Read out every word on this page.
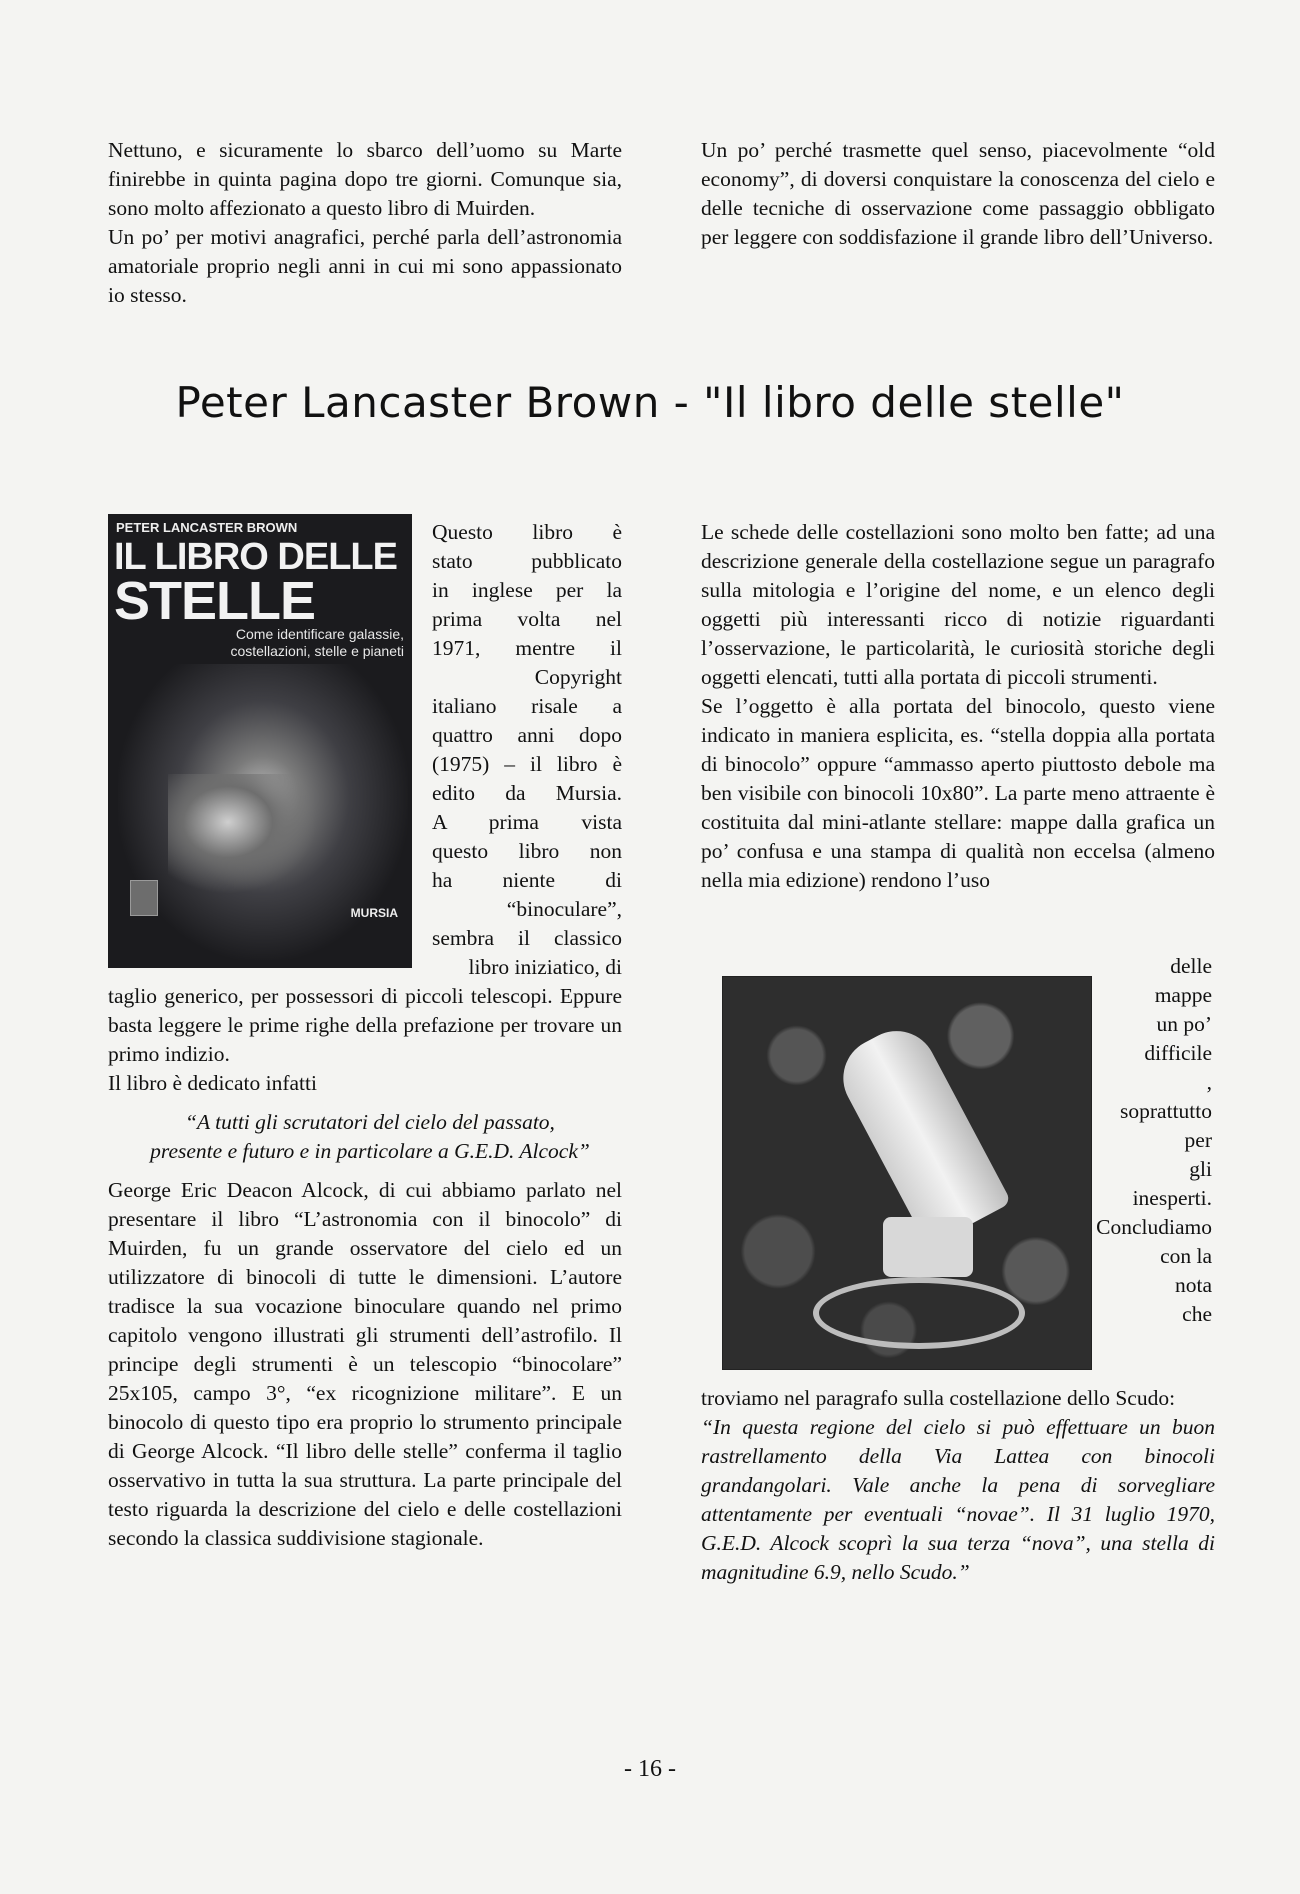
Nettuno, e sicuramente lo sbarco dell’uomo su Marte finirebbe in quinta pagina dopo tre giorni. Comunque sia, sono molto affezionato a questo libro di Muirden.

Un po’ per motivi anagrafici, perché parla dell’astronomia amatoriale proprio negli anni in cui mi sono appassionato io stesso.

Un po’ perché trasmette quel senso, piacevolmente “old economy”, di doversi conquistare la conoscenza del cielo e delle tecniche di osservazione come passaggio obbligato per leggere con soddisfazione il grande libro dell’Universo.

Peter Lancaster Brown - "Il libro delle stelle"
PETER LANCASTER BROWN
IL LIBRO DELLE
STELLE
Come identificare galassie,
costellazioni, stelle e pianeti
MURSIA
Questo libro è
stato pubblicato
in inglese per la
prima volta nel
1971, mentre il
Copyright
italiano risale a
quattro anni dopo
(1975) – il libro è
edito da Mursia.
A prima vista
questo libro non
ha niente di
“binoculare”,
sembra il classico
libro iniziatico, di

taglio generico, per possessori di piccoli telescopi. Eppure basta leggere le prime righe della prefazione per trovare un primo indizio.

Il libro è dedicato infatti

“A tutti gli scrutatori del cielo del passato, presente e futuro e in particolare a G.E.D. Alcock”

George Eric Deacon Alcock, di cui abbiamo parlato nel presentare il libro “L’astronomia con il binocolo” di Muirden, fu un grande osservatore del cielo ed un utilizzatore di binocoli di tutte le dimensioni. L’autore tradisce la sua vocazione binoculare quando nel primo capitolo vengono illustrati gli strumenti dell’astrofilo. Il principe degli strumenti è un telescopio “binocolare” 25x105, campo 3°, “ex ricognizione militare”. E un binocolo di questo tipo era proprio lo strumento principale di George Alcock. “Il libro delle stelle” conferma il taglio osservativo in tutta la sua struttura. La parte principale del testo riguarda la descrizione del cielo e delle costellazioni secondo la classica suddivisione stagionale.

Le schede delle costellazioni sono molto ben fatte; ad una descrizione generale della costellazione segue un paragrafo sulla mitologia e l’origine del nome, e un elenco degli oggetti più interessanti ricco di notizie riguardanti l’osservazione, le particolarità, le curiosità storiche degli oggetti elencati, tutti alla portata di piccoli strumenti.

Se l’oggetto è alla portata del binocolo, questo viene indicato in maniera esplicita, es. “stella doppia alla portata di binocolo” oppure “ammasso aperto piuttosto debole ma ben visibile con binocoli 10x80”. La parte meno attraente è costituita dal mini-atlante stellare: mappe dalla grafica un po’ confusa e una stampa di qualità non eccelsa (almeno nella mia edizione) rendono l’uso

delle
mappe
un po’
difficile
,
soprattutto per
gli
inesperti.
Concludiamo
con la
nota
che

troviamo nel paragrafo sulla costellazione dello Scudo:

“In questa regione del cielo si può effettuare un buon rastrellamento della Via Lattea con binocoli grandangolari. Vale anche la pena di sorvegliare attentamente per eventuali “novae”. Il 31 luglio 1970, G.E.D. Alcock scoprì la sua terza “nova”, una stella di magnitudine 6.9, nello Scudo.”

- 16 -
